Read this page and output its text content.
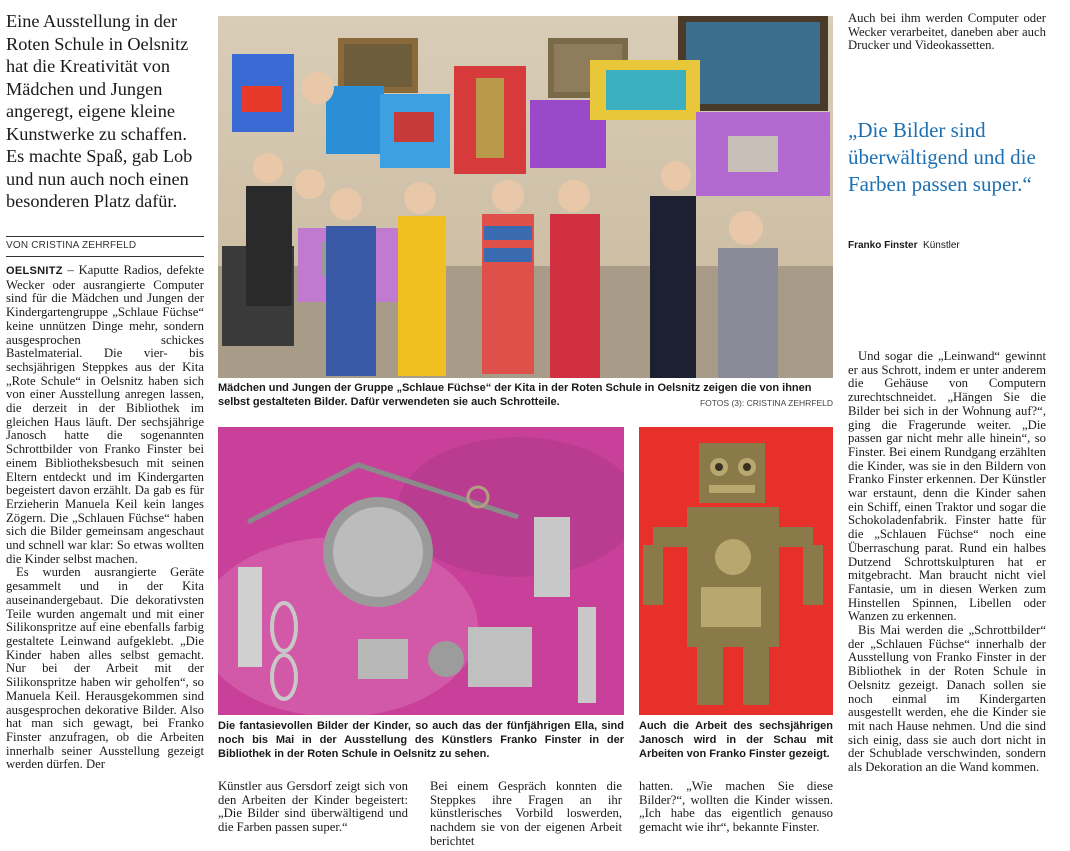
Eine Ausstellung in der Roten Schule in Oelsnitz hat die Kreativität von Mädchen und Jungen angeregt, eigene kleine Kunstwerke zu schaffen. Es machte Spaß, gab Lob und nun auch noch einen besonderen Platz dafür.
VON CRISTINA ZEHRFELD

OELSNITZ – Kaputte Radios, defekte Wecker oder ausrangierte Computer sind für die Mädchen und Jungen der Kindergartengruppe „Schlaue Füchse“ keine unnützen Dinge mehr, sondern ausgesprochen schickes Bastelmaterial. Die vier- bis sechsjährigen Steppkes aus der Kita „Rote Schule“ in Oelsnitz haben sich von einer Ausstellung anregen lassen, die derzeit in der Bibliothek im gleichen Haus läuft. Der sechsjährige Janosch hatte die sogenannten Schrottbilder von Franko Finster bei einem Bibliotheksbesuch mit seinen Eltern entdeckt und im Kindergarten begeistert davon erzählt. Da gab es für Erzieherin Manuela Keil kein langes Zögern. Die „Schlauen Füchse“ haben sich die Bilder gemeinsam angeschaut und schnell war klar: So etwas wollten die Kinder selbst machen.

Es wurden ausrangierte Geräte gesammelt und in der Kita auseinandergebaut. Die dekorativsten Teile wurden angemalt und mit einer Silikonspritze auf eine ebenfalls farbig gestaltete Leinwand aufgeklebt. „Die Kinder haben alles selbst gemacht. Nur bei der Arbeit mit der Silikonspritze haben wir geholfen“, so Manuela Keil. Herausgekommen sind ausgesprochen dekorative Bilder. Also hat man sich gewagt, bei Franko Finster anzufragen, ob die Arbeiten innerhalb seiner Ausstellung gezeigt werden dürfen. Der

Mädchen und Jungen der Gruppe „Schlaue Füchse“ der Kita in der Roten Schule in Oelsnitz zeigen die von ihnen selbst gestalteten Bilder. Dafür verwendeten sie auch Schrotteile.	FOTOS (3): CRISTINA ZEHRFELD
Die fantasievollen Bilder der Kinder, so auch das der fünfjährigen Ella, sind noch bis Mai in der Ausstellung des Künstlers Franko Finster in der Bibliothek in der Roten Schule in Oelsnitz zu sehen.
Auch die Arbeit des sechsjährigen Janosch wird in der Schau mit Arbeiten von Franko Finster gezeigt.
Künstler aus Gersdorf zeigt sich von den Arbeiten der Kinder begeistert: „Die Bilder sind überwältigend und die Farben passen super.“
Bei einem Gespräch konnten die Steppkes ihre Fragen an ihr künstlerisches Vorbild loswerden, nachdem sie von der eigenen Arbeit berichtet
hatten. „Wie machen Sie diese Bilder?“, wollten die Kinder wissen. „Ich habe das eigentlich genauso gemacht wie ihr“, bekannte Finster.
Auch bei ihm werden Computer oder Wecker verarbeitet, daneben aber auch Drucker und Videokassetten.
„Die Bilder sind überwältigend und die Farben passen super.“
Franko Finster Künstler

Und sogar die „Leinwand“ gewinnt er aus Schrott, indem er unter anderem die Gehäuse von Computern zurechtschneidet. „Hängen Sie die Bilder bei sich in der Wohnung auf?“, ging die Fragerunde weiter. „Die passen gar nicht mehr alle hinein“, so Finster. Bei einem Rundgang erzählten die Kinder, was sie in den Bildern von Franko Finster erkennen. Der Künstler war erstaunt, denn die Kinder sahen ein Schiff, einen Traktor und sogar die Schokoladenfabrik. Finster hatte für die „Schlauen Füchse“ noch eine Überraschung parat. Rund ein halbes Dutzend Schrottskulpturen hat er mitgebracht. Man braucht nicht viel Fantasie, um in diesen Werken zum Hinstellen Spinnen, Libellen oder Wanzen zu erkennen.

Bis Mai werden die „Schrottbilder“ der „Schlauen Füchse“ innerhalb der Ausstellung von Franko Finster in der Bibliothek in der Roten Schule in Oelsnitz gezeigt. Danach sollen sie noch einmal im Kindergarten ausgestellt werden, ehe die Kinder sie mit nach Hause nehmen. Und die sind sich einig, dass sie auch dort nicht in der Schublade verschwinden, sondern als Dekoration an die Wand kommen.
